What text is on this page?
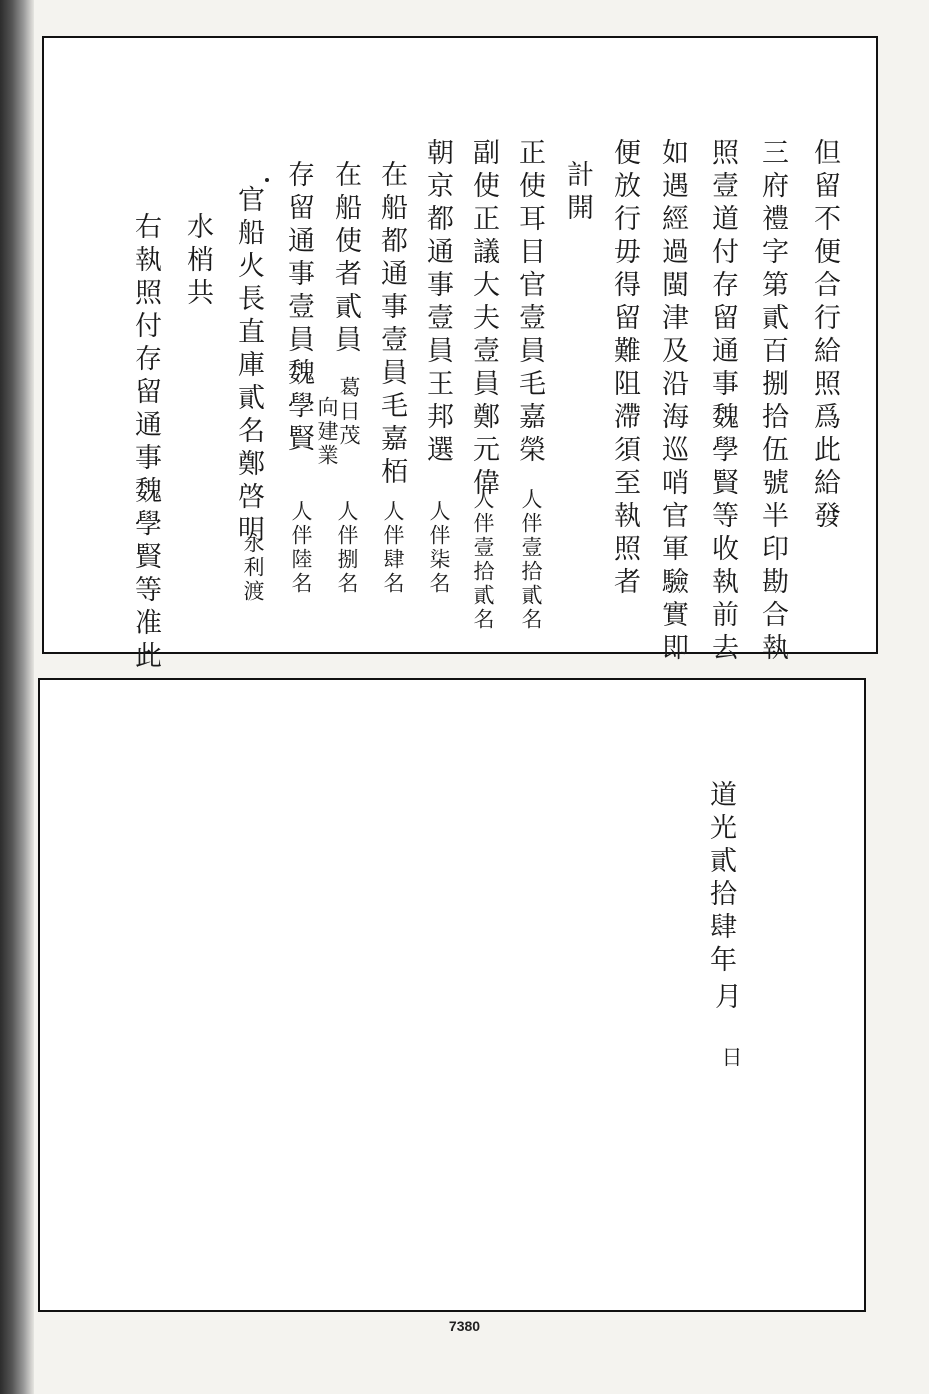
但留不便合行給照爲此給發
三府禮字第貳百捌拾伍號半印勘合執
照壹道付存留通事魏學賢等收執前去
如遇經過閩津及沿海巡哨官軍驗實即
便放行毋得留難阻滯須至執照者
計開
正使耳目官壹員毛嘉榮
副使正議大夫壹員鄭元偉
朝京都通事壹員王邦選
在船都通事壹員毛嘉栢
在船使者貳員
存留通事壹員魏學賢
官船火長直庫貳名鄭啓明
水梢共
右執照付存留通事魏學賢等准此	人伴壹拾貳名
人伴壹拾貳名
人伴柒名
人伴肆名
葛日茂
向建業
人伴捌名
人伴陸名
永利渡
道光貳拾肆年
月
日
7380
